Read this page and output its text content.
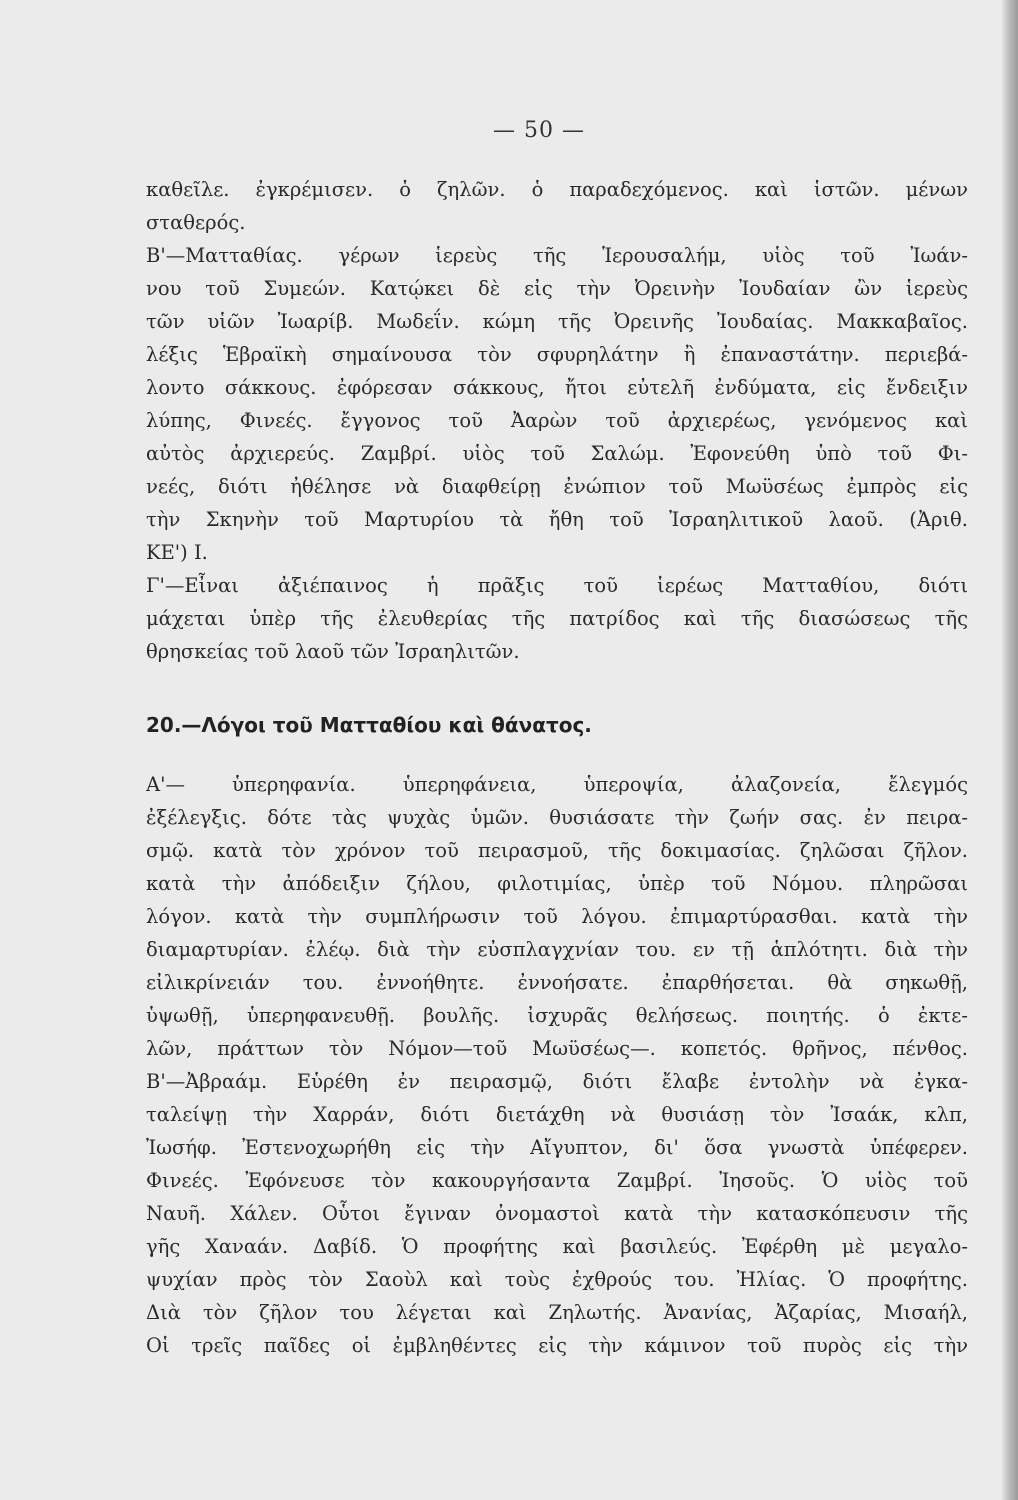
— 50 —
καθεῖλε. ἐγκρέμισεν. ὁ ζηλῶν. ὁ παραδεχόμενος. καὶ ἱστῶν. μένων
σταθερός.
Β'—Ματταθίας. γέρων ἱερεὺς τῆς Ἱερουσαλήμ, υἱὸς τοῦ Ἰωάν-
νου τοῦ Συμεών. Κατῴκει δὲ εἰς τὴν Ὀρεινὴν Ἰουδαίαν ὢν ἱερεὺς
τῶν υἱῶν Ἰωαρίβ. Μωδεΐν. κώμη τῆς Ὀρεινῆς Ἰουδαίας. Μακκαβαῖος.
λέξις Ἑβραϊκὴ σημαίνουσα τὸν σφυρηλάτην ἢ ἐπαναστάτην. περιεβά-
λοντο σάκκους. ἐφόρεσαν σάκκους, ἤτοι εὐτελῆ ἐνδύματα, εἰς ἔνδειξιν
λύπης, Φινεές. ἔγγονος τοῦ Ἀαρὼν τοῦ ἀρχιερέως, γενόμενος καὶ
αὐτὸς ἀρχιερεύς. Ζαμβρί. υἱὸς τοῦ Σαλώμ. Ἐφονεύθη ὑπὸ τοῦ Φι-
νεές, διότι ἠθέλησε νὰ διαφθείρῃ ἐνώπιον τοῦ Μωϋσέως ἐμπρὸς εἰς
τὴν Σκηνὴν τοῦ Μαρτυρίου τὰ ἤθη τοῦ Ἰσραηλιτικοῦ λαοῦ. (Ἀριθ.
ΚΕ') Ι.
Γ'—Εἶναι ἀξιέπαινος ἡ πρᾶξις τοῦ ἱερέως Ματταθίου, διότι
μάχεται ὑπὲρ τῆς ἐλευθερίας τῆς πατρίδος καὶ τῆς διασώσεως τῆς
θρησκείας τοῦ λαοῦ τῶν Ἰσραηλιτῶν.
20.—Λόγοι τοῦ Ματταθίου καὶ θάνατος.
Α'— ὑπερηφανία. ὑπερηφάνεια, ὑπεροψία, ἀλαζονεία, ἔλεγμός
ἐξέλεγξις. δότε τὰς ψυχὰς ὑμῶν. θυσιάσατε τὴν ζωήν σας. ἐν πειρα-
σμῷ. κατὰ τὸν χρόνον τοῦ πειρασμοῦ, τῆς δοκιμασίας. ζηλῶσαι ζῆλον.
κατὰ τὴν ἀπόδειξιν ζήλου, φιλοτιμίας, ὑπὲρ τοῦ Νόμου. πληρῶσαι
λόγον. κατὰ τὴν συμπλήρωσιν τοῦ λόγου. ἐπιμαρτύρασθαι. κατὰ τὴν
διαμαρτυρίαν. ἐλέῳ. διὰ τὴν εὐσπλαγχνίαν του. εν τῇ ἁπλότητι. διὰ τὴν
εἰλικρίνειάν του. ἐννοήθητε. ἐννοήσατε. ἐπαρθήσεται. θὰ σηκωθῇ,
ὑψωθῇ, ὑπερηφανευθῇ. βουλῆς. ἰσχυρᾶς θελήσεως. ποιητής. ὁ ἐκτε-
λῶν, πράττων τὸν Νόμον—τοῦ Μωϋσέως—. κοπετός. θρῆνος, πένθος.
Β'—Ἀβραάμ. Εὑρέθη ἐν πειρασμῷ, διότι ἔλαβε ἐντολὴν νὰ ἐγκα-
ταλείψῃ τὴν Χαρράν, διότι διετάχθη νὰ θυσιάσῃ τὸν Ἰσαάκ, κλπ,
Ἰωσήφ. Ἐστενοχωρήθη εἰς τὴν Αἴγυπτον, δι' ὅσα γνωστὰ ὑπέφερεν.
Φινεές. Ἐφόνευσε τὸν κακουργήσαντα Ζαμβρί. Ἰησοῦς. Ὁ υἱὸς τοῦ
Ναυῆ. Χάλεν. Οὗτοι ἔγιναν ὀνομαστοὶ κατὰ τὴν κατασκόπευσιν τῆς
γῆς Χαναάν. Δαβίδ. Ὁ προφήτης καὶ βασιλεύς. Ἐφέρθη μὲ μεγαλο-
ψυχίαν πρὸς τὸν Σαοὺλ καὶ τοὺς ἐχθρούς του. Ἠλίας. Ὁ προφήτης.
Διὰ τὸν ζῆλον του λέγεται καὶ Ζηλωτής. Ἀνανίας, Ἀζαρίας, Μισαήλ,
Οἱ τρεῖς παῖδες οἱ ἐμβληθέντες εἰς τὴν κάμινον τοῦ πυρὸς εἰς τὴν
